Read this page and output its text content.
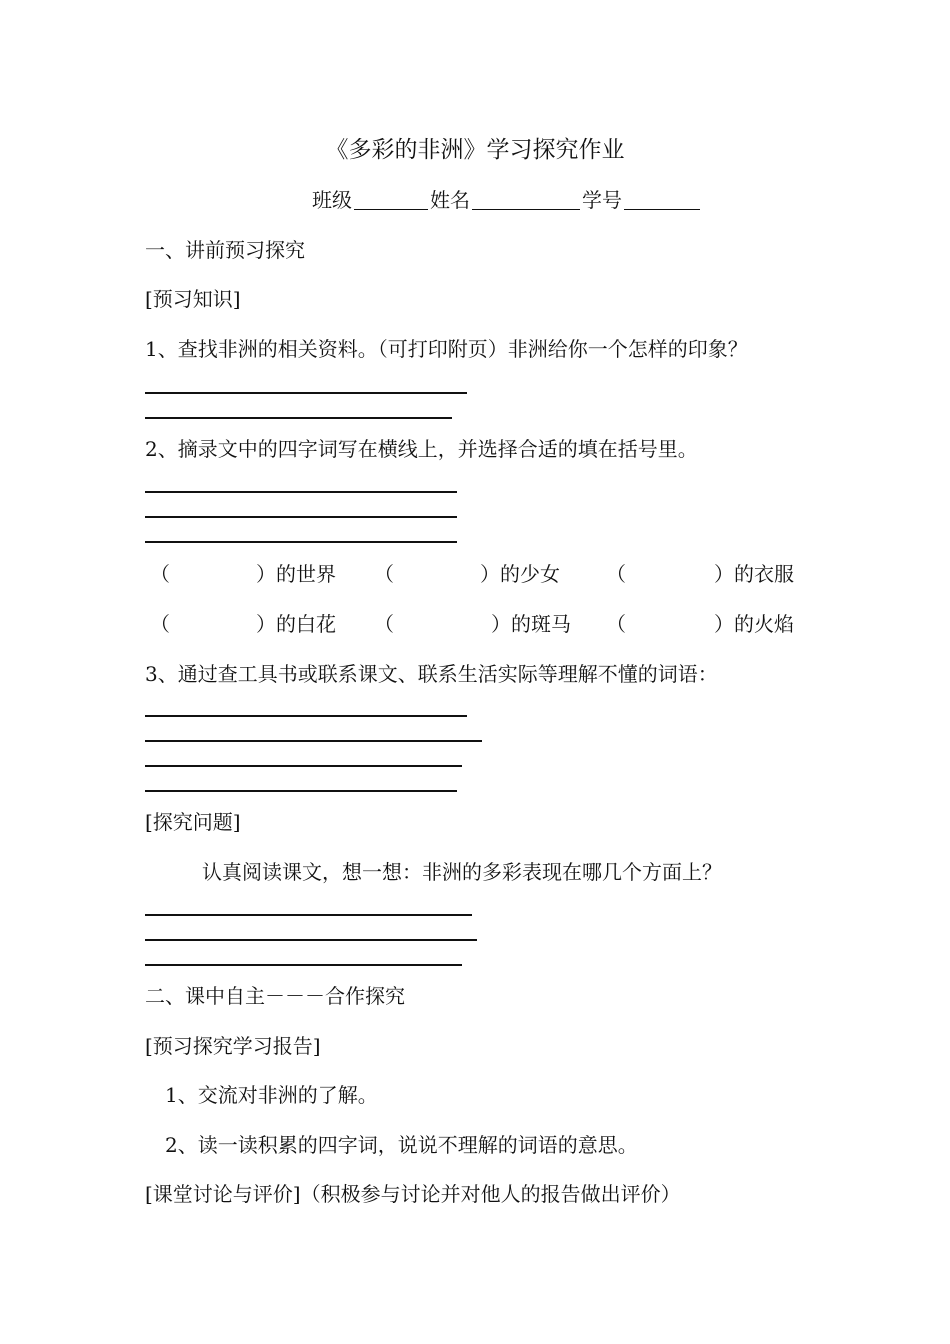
《多彩的非洲》学习探究作业
班级	姓名	学号
一、讲前预习探究
[预习知识]
1、查找非洲的相关资料。（可打印附页）非洲给你一个怎样的印象？
2、摘录文中的四字词写在横线上，并选择合适的填在括号里。
（	）的世界 （	）的少女 （	）的衣服
（	）的白花 （	）的斑马 （	）的火焰
3、通过查工具书或联系课文、联系生活实际等理解不懂的词语：
[探究问题]
认真阅读课文，想一想：非洲的多彩表现在哪几个方面上？
二、课中自主－－－合作探究
[预习探究学习报告]
1、交流对非洲的了解。
2、读一读积累的四字词，说说不理解的词语的意思。
[课堂讨论与评价]（积极参与讨论并对他人的报告做出评价）
